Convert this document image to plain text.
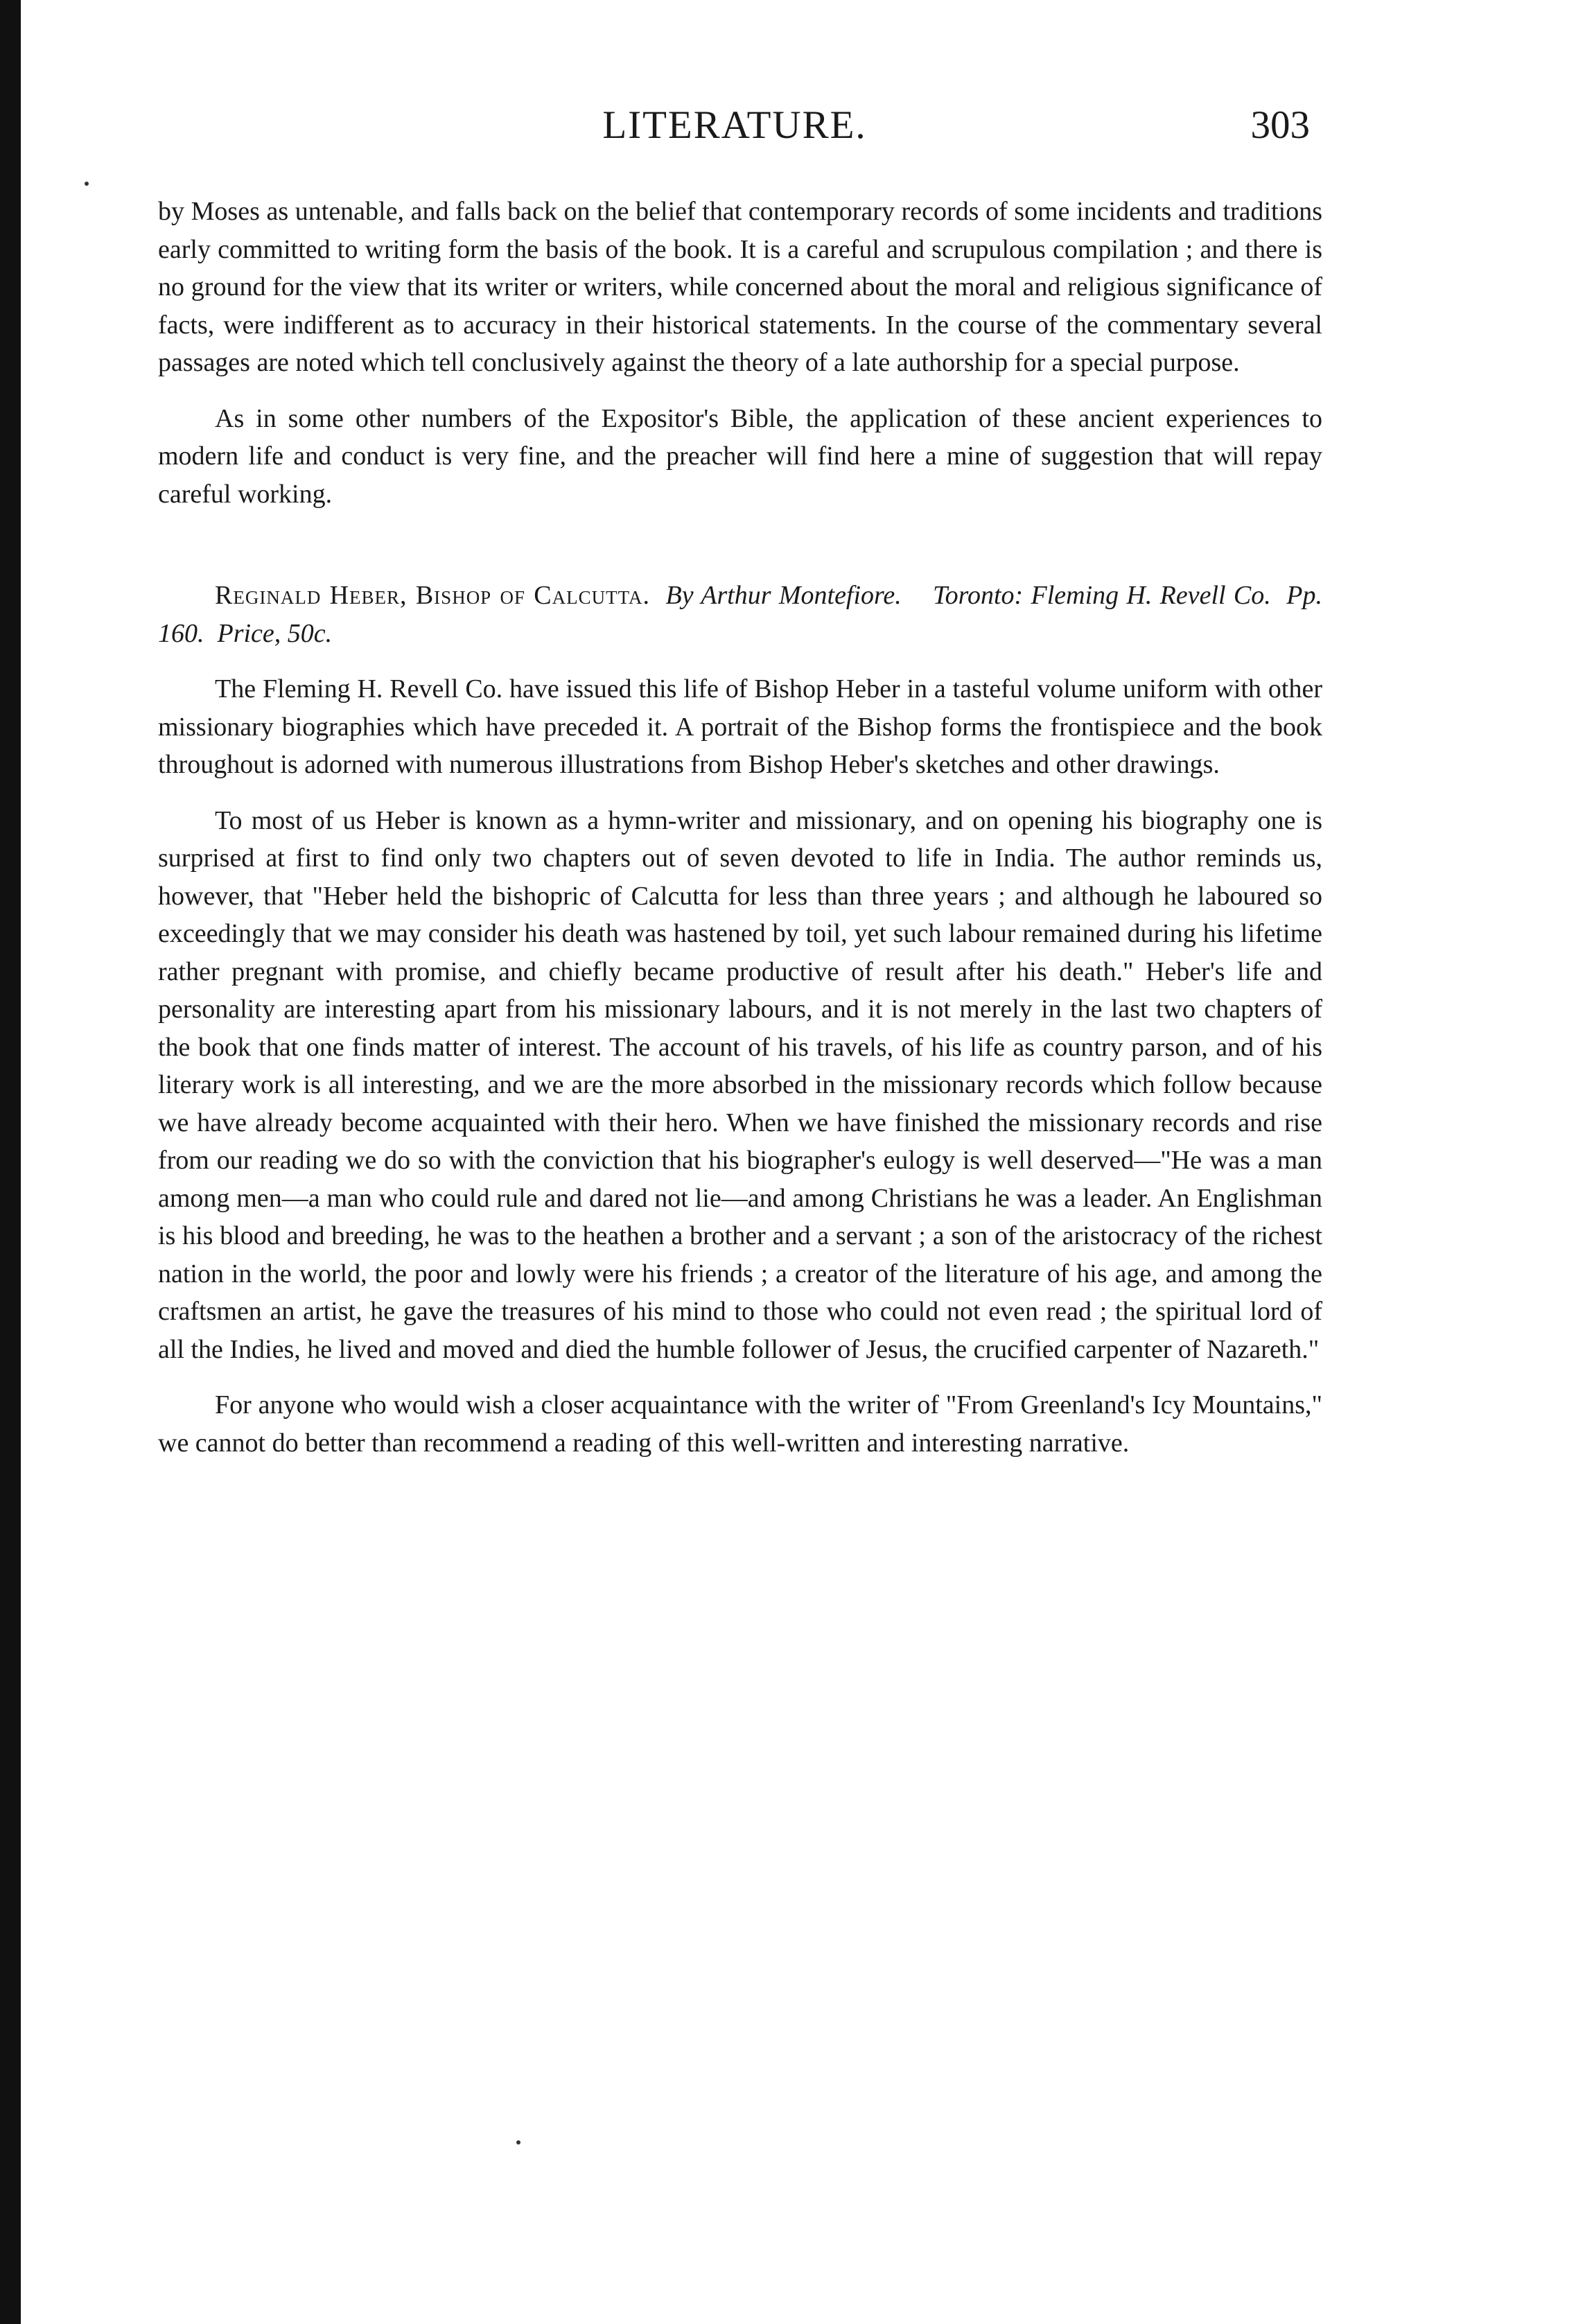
LITERATURE.	303

by Moses as untenable, and falls back on the belief that contemporary records of some incidents and traditions early committed to writing form the basis of the book. It is a careful and scrupulous compilation ; and there is no ground for the view that its writer or writers, while concerned about the moral and religious significance of facts, were indifferent as to accuracy in their historical statements. In the course of the commentary several passages are noted which tell conclusively against the theory of a late authorship for a special purpose.

As in some other numbers of the Expositor's Bible, the application of these ancient experiences to modern life and conduct is very fine, and the preacher will find here a mine of suggestion that will repay careful working.

Reginald Heber, Bishop of Calcutta. By Arthur Montefiore. Toronto: Fleming H. Revell Co. Pp. 160. Price, 50c.

The Fleming H. Revell Co. have issued this life of Bishop Heber in a tasteful volume uniform with other missionary biographies which have preceded it. A portrait of the Bishop forms the frontispiece and the book throughout is adorned with numerous illustrations from Bishop Heber's sketches and other drawings.

To most of us Heber is known as a hymn-writer and missionary, and on opening his biography one is surprised at first to find only two chapters out of seven devoted to life in India. The author reminds us, however, that "Heber held the bishopric of Calcutta for less than three years ; and although he laboured so exceedingly that we may consider his death was hastened by toil, yet such labour remained during his lifetime rather pregnant with promise, and chiefly became productive of result after his death." Heber's life and personality are interesting apart from his missionary labours, and it is not merely in the last two chapters of the book that one finds matter of interest. The account of his travels, of his life as country parson, and of his literary work is all interesting, and we are the more absorbed in the missionary records which follow because we have already become acquainted with their hero. When we have finished the missionary records and rise from our reading we do so with the conviction that his biographer's eulogy is well deserved—"He was a man among men—a man who could rule and dared not lie—and among Christians he was a leader. An Englishman is his blood and breeding, he was to the heathen a brother and a servant ; a son of the aristocracy of the richest nation in the world, the poor and lowly were his friends ; a creator of the literature of his age, and among the craftsmen an artist, he gave the treasures of his mind to those who could not even read ; the spiritual lord of all the Indies, he lived and moved and died the humble follower of Jesus, the crucified carpenter of Nazareth."

For anyone who would wish a closer acquaintance with the writer of "From Greenland's Icy Mountains," we cannot do better than recommend a reading of this well-written and interesting narrative.
